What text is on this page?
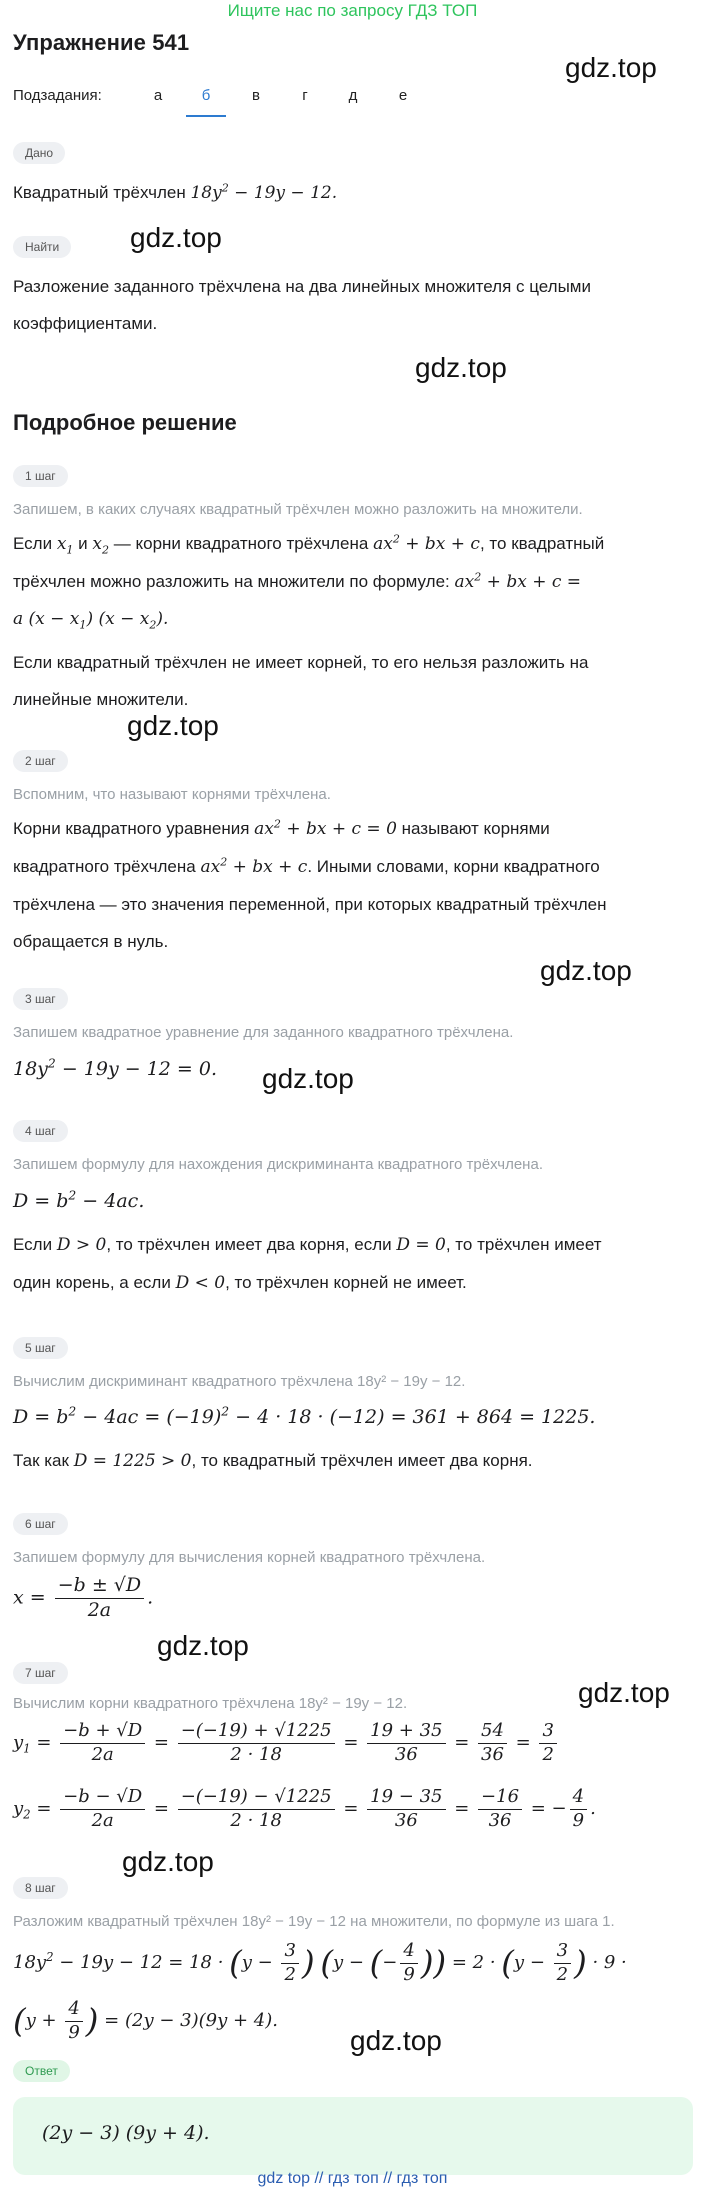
Ищите нас по запросу ГДЗ ТОП
Упражнение 541
gdz.top
Подзадания:	а	б	в	г	д	е
Дано
Квадратный трёхчлен $18y^2 - 19y - 12$.
Найти	gdz.top
Разложение заданного трёхчлена на два линейных множителя с целыми
коэффициентами.
gdz.top
Подробное решение
1 шаг
Запишем, в каких случаях квадратный трёхчлен можно разложить на множители.
Если $x_1$ и $x_2$ — корни квадратного трёхчлена $ax^2$ + bx + c, то квадратный
трёхчлен можно разложить на множители по формуле: $ax^2$ + bx + c =
a $(x - x_1)$ $(x - x_2)$.
Если квадратный трёхчлен не имеет корней, то его нельзя разложить на
линейные множители.
gdz.top
2 шаг
Вспомним, что называют корнями трёхчлена.
Корни квадратного уравнения $ax^2$ + bx + c = 0 называют корнями
квадратного трёхчлена $ax^2$ + bx + c. Иными словами, корни квадратного
трёхчлена — это значения переменной, при которых квадратный трёхчлен
обращается в нуль.
gdz.top
3 шаг
Запишем квадратное уравнение для заданного квадратного трёхчлена.
$18y^2 - 19y - 12 = 0$. gdz.top
4 шаг
Запишем формулу для нахождения дискриминанта квадратного трёхчлена.
$D = b^2 - 4ac$.
Если D > 0, то трёхчлен имеет два корня, если D = 0, то трёхчлен имеет
один корень, а если D < 0, то трёхчлен корней не имеет.
5 шаг
Вычислим дискриминант квадратного трёхчлена 18y² − 19y − 12.
$D = b^2 - 4ac = (-19)^2 - 4 \cdot 18 \cdot (-12) = 361 + 864 = 1225$.
Так как D = 1225 > 0, то квадратный трёхчлен имеет два корня.
6 шаг
Запишем формулу для вычисления корней квадратного трёхчлена.
$x = \frac{-b \pm √D}{2a}$ .
gdz.top
7 шаг
Вычислим корни квадратного трёхчлена 18y² − 19y − 12.	gdz.top
$y_1 = \frac{-b + √D}{2a} = \frac{-(-19) + √1225}{2 \cdot 18} = \frac{19 + 35}{36} = \frac{54}{36} = \frac{3}{2}$
$y_2 = \frac{-b - √D}{2a} = \frac{-(-19) - √1225}{2 \cdot 18} = \frac{19 - 35}{36} = \frac{-16}{36}$ = − $\frac{4}{9}$ .
gdz.top
8 шаг
Разложим квадратный трёхчлен 18y² − 19y − 12 на множители, по формуле из шага 1.
$18y^2 - 19y - 12 = 18 \cdot (y - \frac{3}{2}$ ) (y − (− $\frac{4}{9}$ )) = $2 \cdot (y - \frac{3}{2}$ ) · 9 ·
($y + \frac{4}{9}$ ) = (2y − 3)(9y + 4).
gdz.top
Ответ
(2y − 3) (9y + 4).
gdz top // гдз топ // гдз топ
